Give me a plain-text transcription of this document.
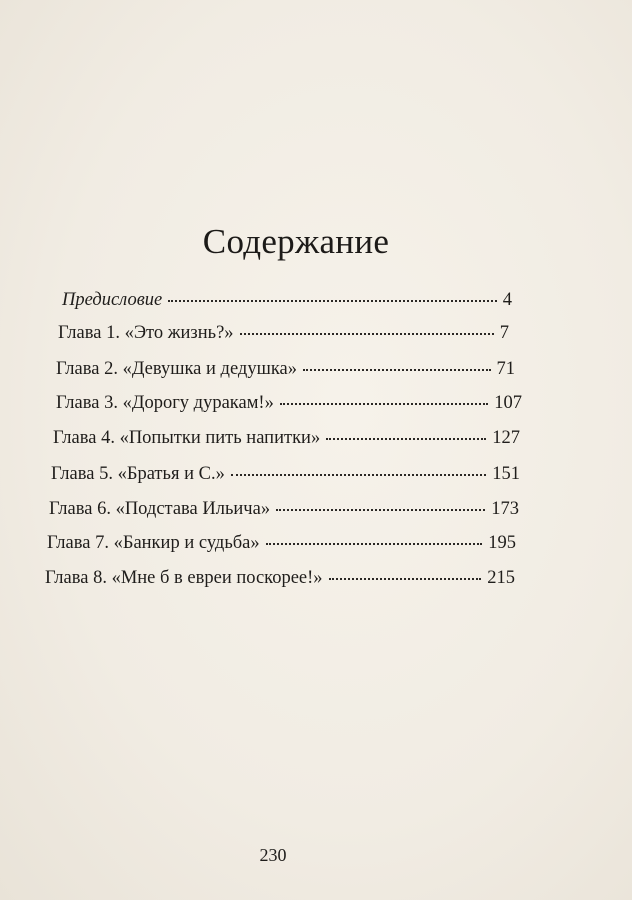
Содержание
Предисловие	4
Глава 1. «Это жизнь?»	7
Глава 2. «Девушка и дедушка»	71
Глава 3. «Дорогу дуракам!»	107
Глава 4. «Попытки пить напитки»	127
Глава 5. «Братья и С.»	151
Глава 6. «Подстава Ильича»	173
Глава 7. «Банкир и судьба»	195
Глава 8. «Мне б в евреи поскорее!»	215
230
